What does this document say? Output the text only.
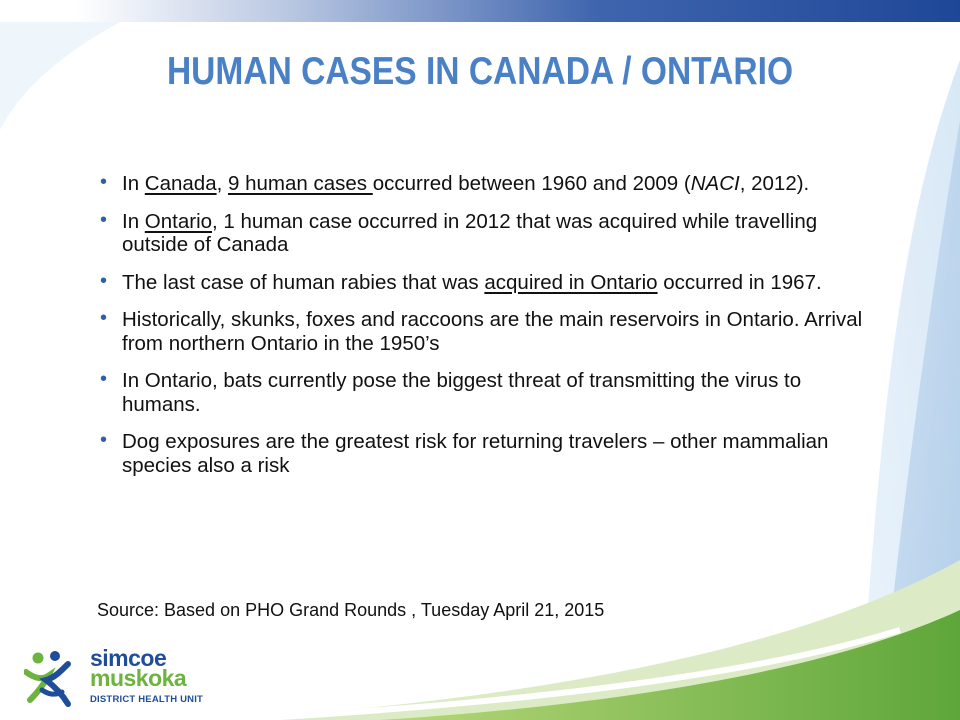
HUMAN CASES IN CANADA / ONTARIO
• In Canada, 9 human cases occurred between 1960 and 2009 (NACI, 2012).
• In Ontario, 1 human case occurred in 2012 that was acquired while travelling outside of Canada
• The last case of human rabies that was acquired in Ontario occurred in 1967.
• Historically, skunks, foxes and raccoons are the main reservoirs in Ontario. Arrival from northern Ontario in the 1950’s
• In Ontario, bats currently pose the biggest threat of transmitting the virus to humans.
• Dog exposures are the greatest risk for returning travelers – other mammalian species also a risk
Source: Based on PHO Grand Rounds , Tuesday April 21, 2015
simcoe
muskoka
DISTRICT HEALTH UNIT
